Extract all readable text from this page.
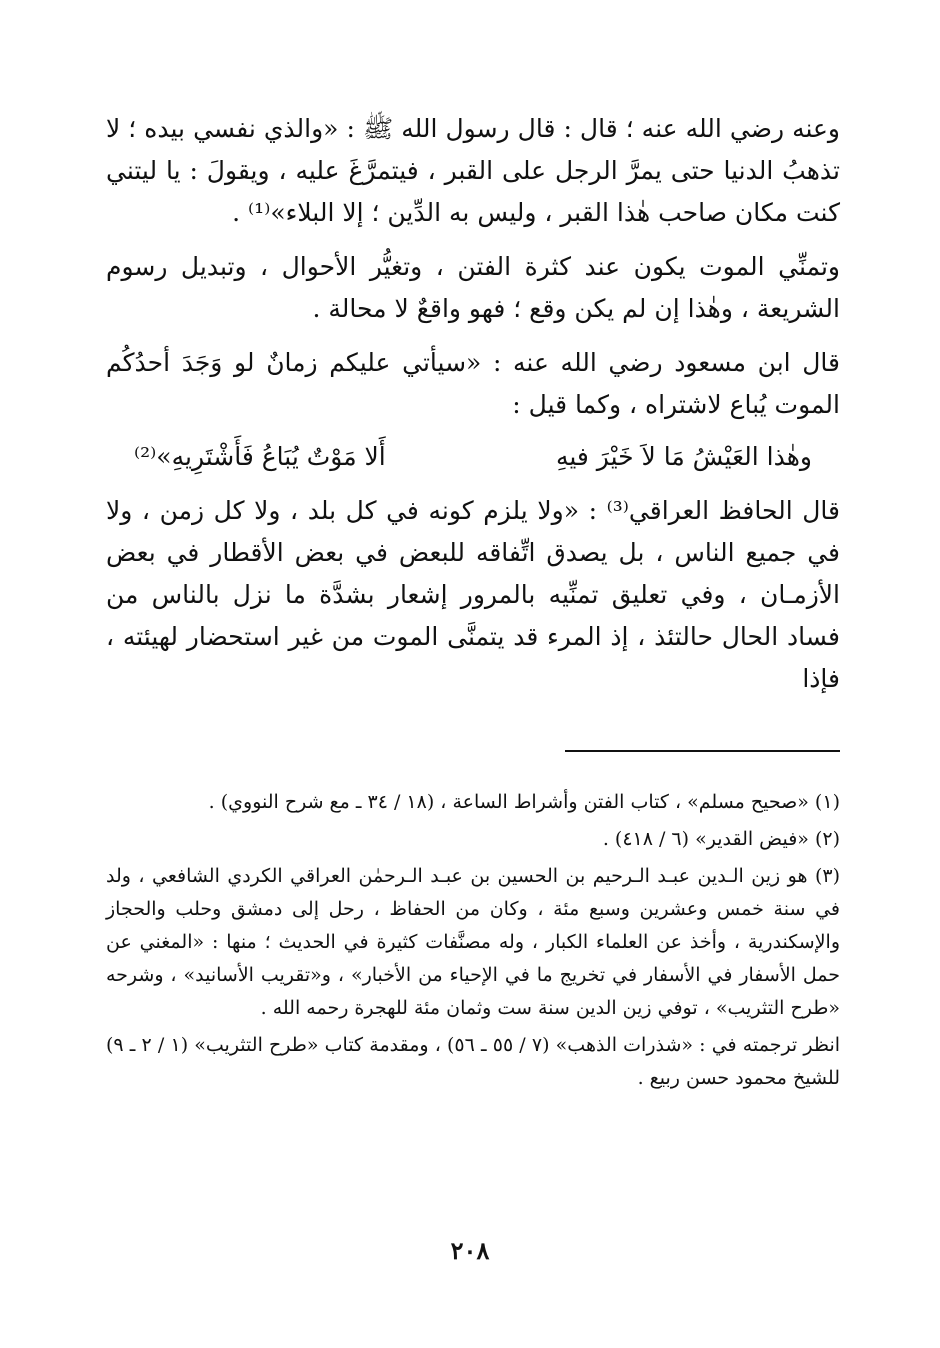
وعنه رضي الله عنه ؛ قال : قال رسول الله ﷺ : «والذي نفسي بيده ؛ لا تذهبُ الدنيا حتى يمرَّ الرجل على القبر ، فيتمرَّغَ عليه ، ويقولَ : يا ليتني كنت مكان صاحب هٰذا القبر ، وليس به الدِّين ؛ إلا البلاء»⁽¹⁾ .

وتمنِّي الموت يكون عند كثرة الفتن ، وتغيُّر الأحوال ، وتبديل رسوم الشريعة ، وهٰذا إن لم يكن وقع ؛ فهو واقعٌ لا محالة .

قال ابن مسعود رضي الله عنه : «سيأتي عليكم زمانٌ لو وَجَدَ أحدُكُم الموت يُباع لاشتراه ، وكما قيل :

وهٰذا العَيْشُ مَا لاَ خَيْرَ فيهِ
أَلا مَوْتٌ يُبَاعُ فَأَشْتَرِيهِ»⁽²⁾

قال الحافظ العراقي⁽³⁾ : «ولا يلزم كونه في كل بلد ، ولا كل زمن ، ولا في جميع الناس ، بل يصدق اتِّفاقه للبعض في بعض الأقطار في بعض الأزمـان ، وفي تعليق تمنِّيه بالمرور إشعار بشدَّة ما نزل بالناس من فساد الحال حالتئذ ، إذ المرء قد يتمنَّى الموت من غير استحضار لهيئته ، فإذا

(١) «صحيح مسلم» ، كتاب الفتن وأشراط الساعة ، (١٨ / ٣٤ ـ مع شرح النووي) .

(٢) «فيض القدير» (٦ / ٤١٨) .

(٣) هو زين الـدين عبـد الـرحيم بن الحسين بن عبـد الـرحمٰن العراقي الكردي الشافعي ، ولد في سنة خمس وعشرين وسبع مئة ، وكان من الحفاظ ، رحل إلى دمشق وحلب والحجاز والإسكندرية ، وأخذ عن العلماء الكبار ، وله مصنَّفات كثيرة في الحديث ؛ منها : «المغني عن حمل الأسفار في الأسفار في تخريج ما في الإحياء من الأخبار» ، و«تقريب الأسانيد» ، وشرحه «طرح التثريب» ، توفي زين الدين سنة ست وثمان مئة للهجرة رحمه الله .

انظر ترجمته في : «شذرات الذهب» (٧ / ٥٥ ـ ٥٦) ، ومقدمة كتاب «طرح التثريب» (١ / ٢ ـ ٩) للشيخ محمود حسن ربيع .

٢٠٨
